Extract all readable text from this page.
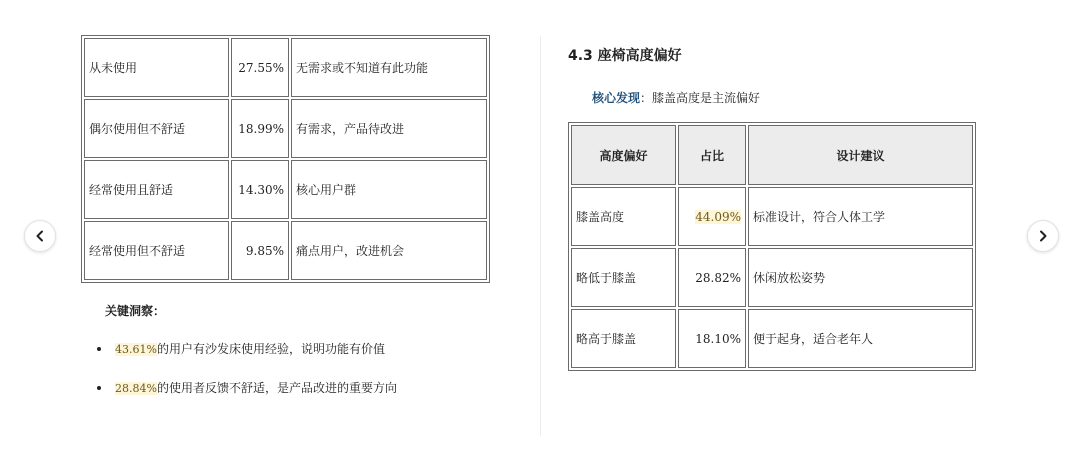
从未使用	27.55%	无需求或不知道有此功能
偶尔使用但不舒适	18.99%	有需求，产品待改进
经常使用且舒适	14.30%	核心用户群
经常使用但不舒适	9.85%	痛点用户，改进机会
关键洞察：
43.61%的用户有沙发床使用经验，说明功能有价值
28.84%的使用者反馈不舒适，是产品改进的重要方向
4.3 座椅高度偏好
核心发现：膝盖高度是主流偏好
高度偏好	占比	设计建议
膝盖高度	44.09%	标准设计，符合人体工学
略低于膝盖	28.82%	休闲放松姿势
略高于膝盖	18.10%	便于起身，适合老年人
